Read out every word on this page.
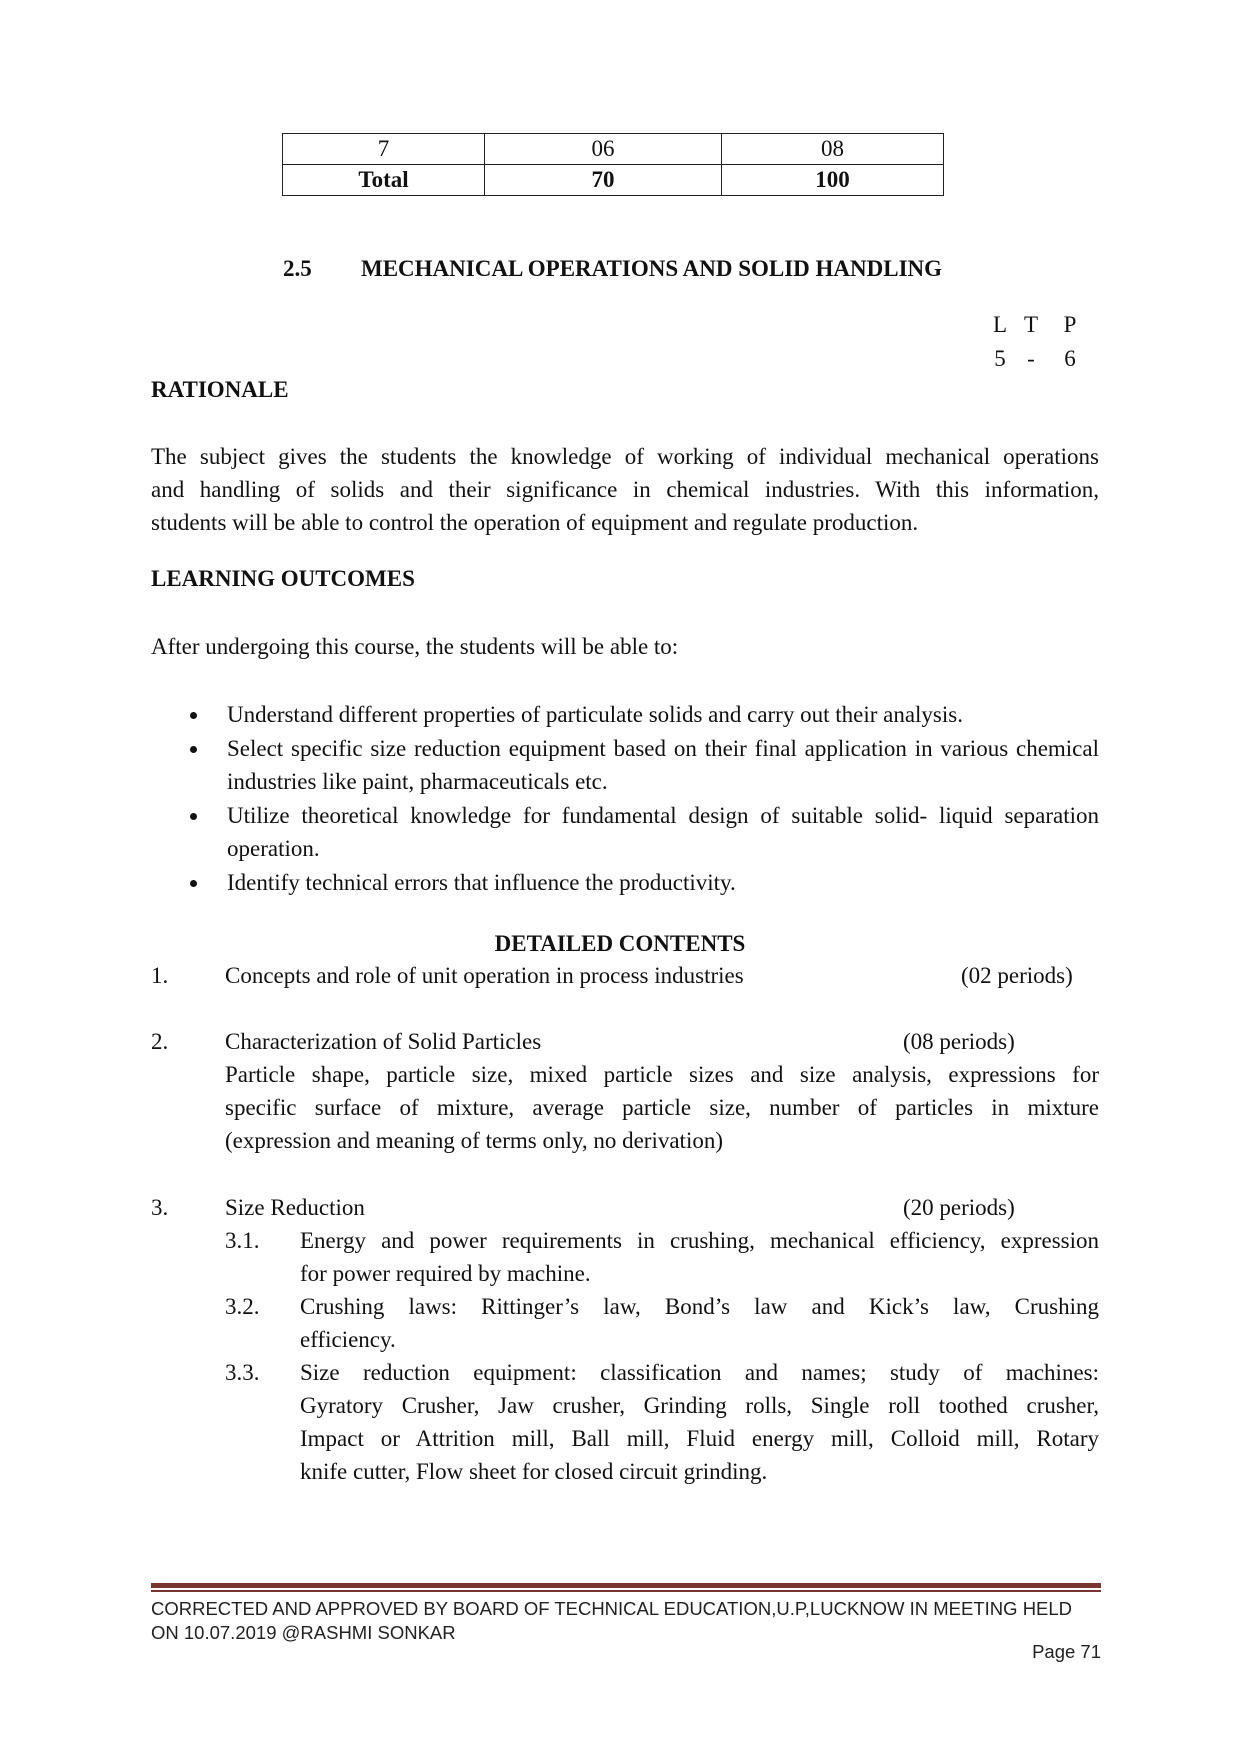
7	06	08
Total	70	100
2.5 MECHANICAL OPERATIONS AND SOLID HANDLING
L T P
5 - 6
RATIONALE
The subject gives the students the knowledge of working of individual mechanical operations
and handling of solids and their significance in chemical industries. With this information,
students will be able to control the operation of equipment and regulate production.
LEARNING OUTCOMES
After undergoing this course, the students will be able to:
Understand different properties of particulate solids and carry out their analysis.
Select specific size reduction equipment based on their final application in various chemical industries like paint, pharmaceuticals etc.
Utilize theoretical knowledge for fundamental design of suitable solid- liquid separation operation.
Identify technical errors that influence the productivity.
DETAILED CONTENTS
1. Concepts and role of unit operation in process industries	(02 periods)
2. Characterization of Solid Particles	(08 periods)
Particle shape, particle size, mixed particle sizes and size analysis, expressions for
specific surface of mixture, average particle size, number of particles in mixture
(expression and meaning of terms only, no derivation)
3. Size Reduction	(20 periods)
3.1. Energy and power requirements in crushing, mechanical efficiency, expression
for power required by machine.
3.2. Crushing laws: Rittinger’s law, Bond’s law and Kick’s law, Crushing
efficiency.
3.3. Size reduction equipment: classification and names; study of machines:
Gyratory Crusher, Jaw crusher, Grinding rolls, Single roll toothed crusher,
Impact or Attrition mill, Ball mill, Fluid energy mill, Colloid mill, Rotary
knife cutter, Flow sheet for closed circuit grinding.
CORRECTED AND APPROVED BY BOARD OF TECHNICAL EDUCATION,U.P,LUCKNOW IN MEETING HELD
ON 10.07.2019 @RASHMI SONKAR
Page 71
